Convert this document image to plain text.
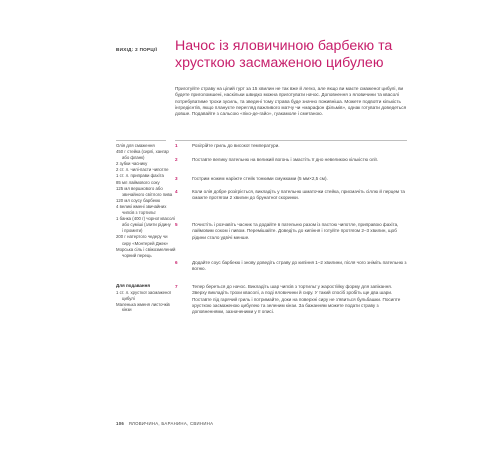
ВИХІД: 2 ПОРЦІЇ Начос із яловичиною барбекю та хрусткою засмаженою цибулею
Приготуйте страву на цілий гурт за 15 хвилин не так вже й легко, але якщо ви маєте смаженої цибулі, ви будете приголомшені, наскільки швидко можна приготувати начос. Доповнення з яловичини та квасолі потребуватиме трохи зусиль, та зведені тому страва буде значно поживніша. Можете подвоїти кількість інгредієнтів, якщо плануєте перегляд важливого матчу чи «марафон фільмів», однак готувати доведеться довше. Подавайте з сальсою «піко-де-гайо», гуакамоле і сметаною.
Олія для смаження
450 г стейка (сирлі, хангар
або фланк)
2 зубки часнику
2 ст. л. чилі-пасти чипотле
1 ст. л. приправи фахіта
85 мл лаймового соку
125 мл вершкового або
звичайного світлого пива
120 мл соусу барбекю
4 великі жмені звичайних
чипсів з тортильї
1 банка (400 г) чорної квасолі
або суміші (злити рідину
і промити)
200 г натертого чедеру чи
сиру «Монтерей Джек»
Морська сіль і свіжозмелений
чорний перець
Для подавання
1 ст. л. хрусткої засмаженої
цибулі
Маленька жменя листочків
кінзи
1	Розігрійте гриль до високої температури.
2	Поставте велику пательню на великий вогонь і змастіть її дно невеликою кількістю олії.
3	Гострим ножем наріжте стейк тонкими смужками (5 мм×2,5 см).
4	Коли олія добре розігріється, викладіть у пательню шматочки стейка, присмачіть сіллю й перцем та смажте протягом 2 хвилин до брунатної скоринки.
5	Почистіть і розчавіть часник та додайте в пательню разом із пастою чипотле, приправою фахіта, лаймовим соком і пивом. Перемішайте. Доведіть до кипіння і готуйте протягом 2–3 хвилин, щоб рідини стало удвічі менше.
6	Додайте соус барбекю і знову доведіть страву до кипіння 1–2 хвилини, після чого зніміть пательню з вогню.
7	Тепер береться до начос. Викладіть шар чипсів з тортильї у жаростійку форму для запікання. Зверху викладіть трохи квасолі, а поді яловичини й сиру. У такий спосіб зробіть ще два шари. Поставте під гарячий гриль і потримайте, доки на поверхні сиру не з'явиться бульбашки. Посипте хрусткою засмаженою цибулею та зеленим кінзи. За бажанням можете подати страву з доповненнями, зазначеними у її описі.
106 ЯЛОВИЧИНА, БАРАНИНА, СВИНИНА
